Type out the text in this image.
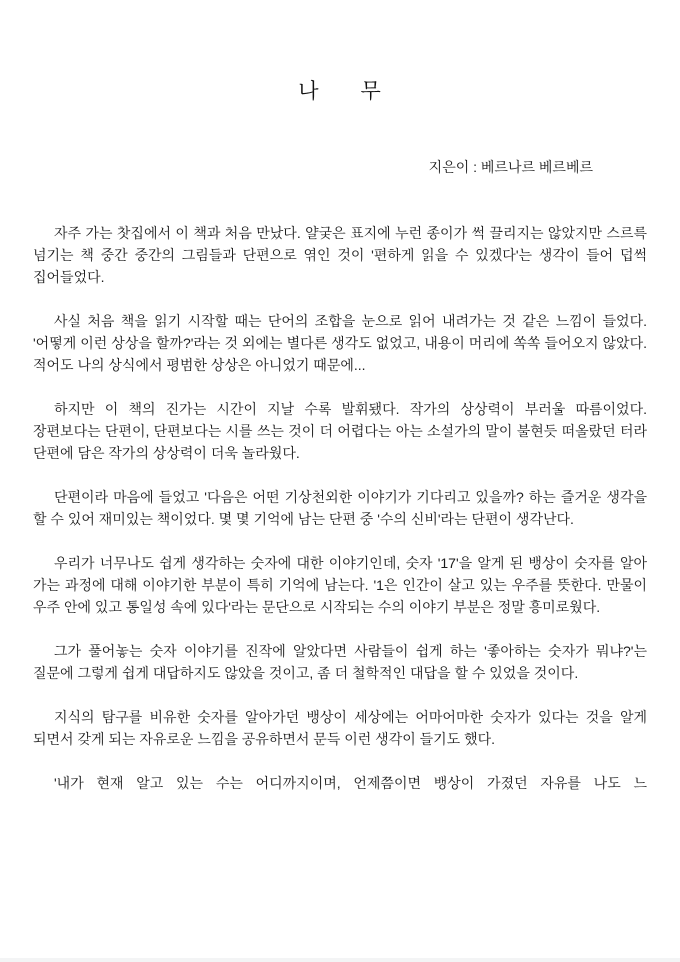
나      무
지은이 : 베르나르 베르베르

자주 가는 찻집에서 이 책과 처음 만났다. 얄궂은 표지에 누런 종이가 썩 끌리지는 않았지만 스르륵 넘기는 책 중간 중간의 그림들과 단편으로 엮인 것이 '편하게 읽을 수 있겠다'는 생각이 들어 덥썩 집어들었다.

사실 처음 책을 읽기 시작할 때는 단어의 조합을 눈으로 읽어 내려가는 것 같은 느낌이 들었다. '어떻게 이런 상상을 할까?'라는 것 외에는 별다른 생각도 없었고, 내용이 머리에 쏙쏙 들어오지 않았다. 적어도 나의 상식에서 평범한 상상은 아니었기 때문에...

하지만 이 책의 진가는 시간이 지날 수록 발휘됐다. 작가의 상상력이 부러울 따름이었다. 장편보다는 단편이, 단편보다는 시를 쓰는 것이 더 어렵다는 아는 소설가의 말이 불현듯 떠올랐던 터라 단편에 담은 작가의 상상력이 더욱 놀라웠다.

단편이라 마음에 들었고 '다음은 어떤 기상천외한 이야기가 기다리고 있을까? 하는 즐거운 생각을 할 수 있어 재미있는 책이었다. 몇 몇 기억에 남는 단편 중 '수의 신비'라는 단편이 생각난다.

우리가 너무나도 쉽게 생각하는 숫자에 대한 이야기인데, 숫자 '17'을 알게 된 뱅상이 숫자를 알아 가는 과정에 대해 이야기한 부분이 특히 기억에 남는다. '1은 인간이 살고 있는 우주를 뜻한다. 만물이 우주 안에 있고 통일성 속에 있다'라는 문단으로 시작되는 수의 이야기 부분은 정말 흥미로웠다.

그가 풀어놓는 숫자 이야기를 진작에 알았다면 사람들이 쉽게 하는 '좋아하는 숫자가 뭐냐?'는 질문에 그렇게 쉽게 대답하지도 않았을 것이고, 좀 더 철학적인 대답을 할 수 있었을 것이다.

지식의 탐구를 비유한 숫자를 알아가던 뱅상이 세상에는 어마어마한 숫자가 있다는 것을 알게 되면서 갖게 되는 자유로운 느낌을 공유하면서 문득 이런 생각이 들기도 했다.

'내가 현재 알고 있는 수는 어디까지이며, 언제쯤이면 뱅상이 가졌던 자유를 나도 느
